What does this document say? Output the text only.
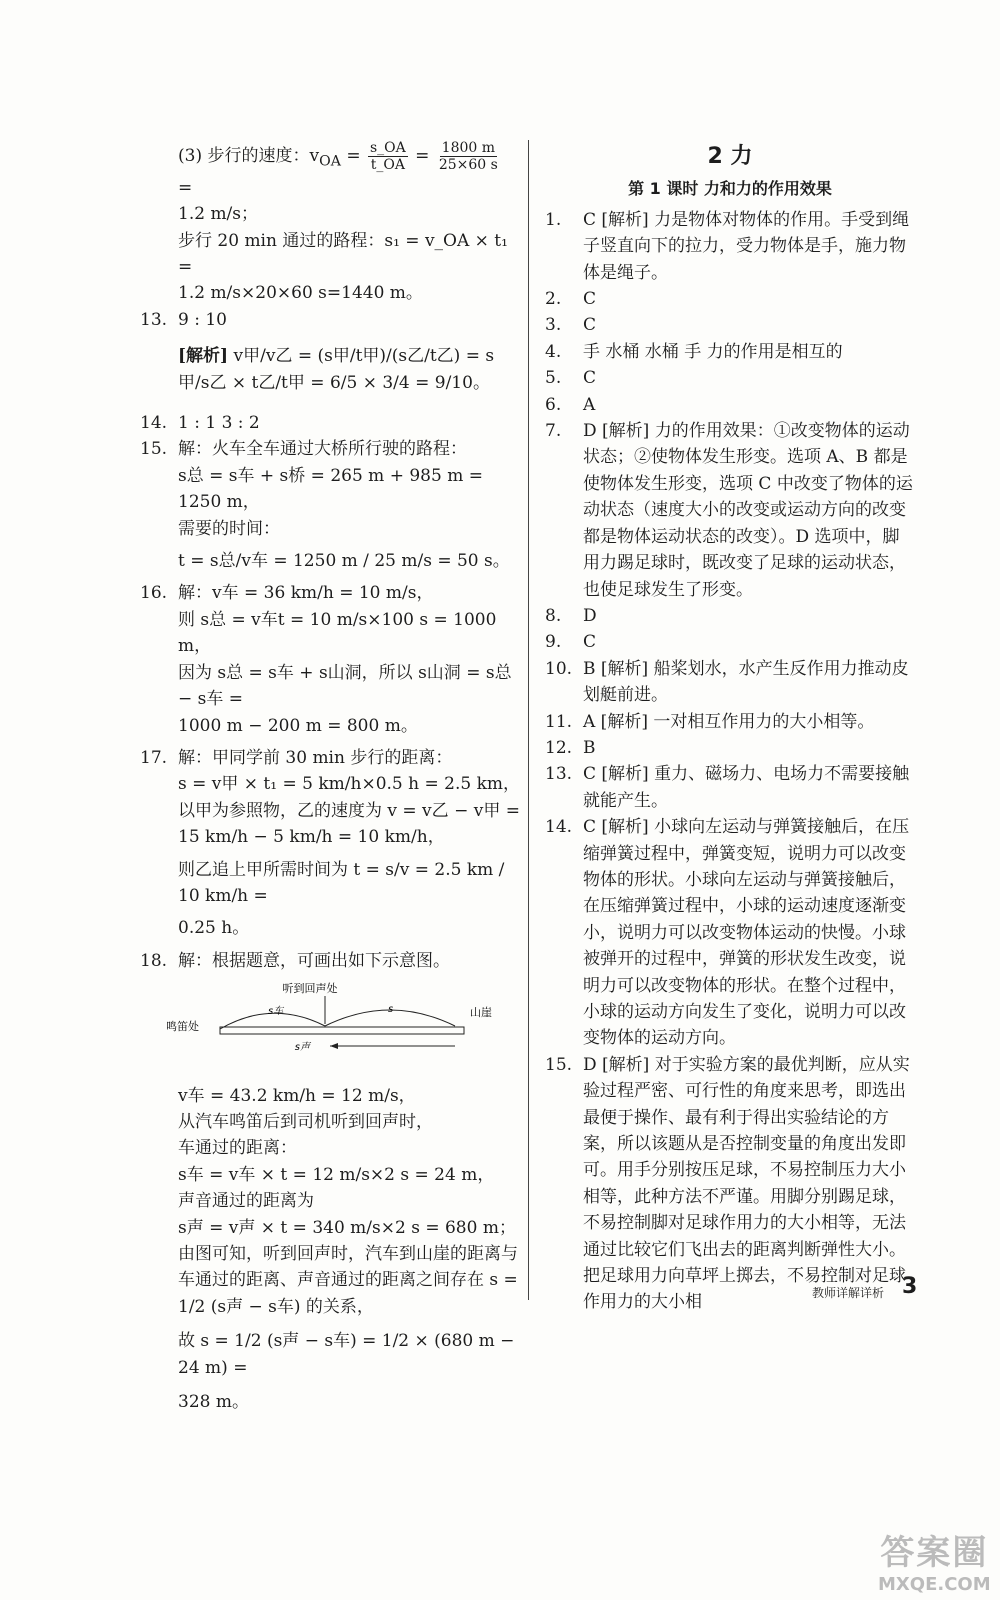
(3) 步行的速度：$v_{OA} = \frac{s\_OA}{t\_OA} = \frac{1800 m}{25\times 60 s}$
=
1.2 m/s；
步行 20 min 通过的路程：s₁ = v_OA × t₁ =
1.2 m/s×20×60 s=1440 m。
13. 9 : 10
[解析] v甲/v乙 = (s甲/t甲)/(s乙/t乙) = s甲/s乙 × t乙/t甲 = 6/5 × 3/4 = 9/10。
14. 1 : 1 3 : 2
15. 解：火车全车通过大桥所行驶的路程：
s总 = s车 + s桥 = 265 m + 985 m = 1250 m，
需要的时间：
t = s总/v车 = 1250 m / 25 m/s = 50 s。
16. 解：v车 = 36 km/h = 10 m/s，
则 s总 = v车t = 10 m/s×100 s = 1000 m，
因为 s总 = s车 + s山洞，所以 s山洞 = s总 − s车 =
1000 m − 200 m = 800 m。
17. 解：甲同学前 30 min 步行的距离：
s = v甲 × t₁ = 5 km/h×0.5 h = 2.5 km，
以甲为参照物，乙的速度为 v = v乙 − v甲 =
15 km/h − 5 km/h = 10 km/h，
则乙追上甲所需时间为 t = s/v = 2.5 km / 10 km/h =
0.25 h。
18. 解：根据题意，可画出如下示意图。
听到回声处
鸣笛处
山崖
s车	s
s声
v车 = 43.2 km/h = 12 m/s，
从汽车鸣笛后到司机听到回声时，
车通过的距离：
s车 = v车 × t = 12 m/s×2 s = 24 m，
声音通过的距离为
s声 = v声 × t = 340 m/s×2 s = 680 m；
由图可知，听到回声时，汽车到山崖的距离与
车通过的距离、声音通过的距离之间存在 s =
1/2 (s声 − s车) 的关系，
故 s = 1/2 (s声 − s车) = 1/2 × (680 m − 24 m) =
328 m。
2 力
第 1 课时 力和力的作用效果
1.	C [解析] 力是物体对物体的作用。手受到绳子竖直向下的拉力，受力物体是手，施力物体是绳子。
2.	C
3.	C
4.	手 水桶 水桶 手 力的作用是相互的
5.	C
6.	A
7.	D [解析] 力的作用效果：①改变物体的运动状态；②使物体发生形变。选项 A、B 都是使物体发生形变，选项 C 中改变了物体的运动状态（速度大小的改变或运动方向的改变都是物体运动状态的改变）。D 选项中，脚用力踢足球时，既改变了足球的运动状态，也使足球发生了形变。
8.	D
9.	C
10. B [解析] 船桨划水，水产生反作用力推动皮划艇前进。
11. A [解析] 一对相互作用力的大小相等。
12. B
13. C [解析] 重力、磁场力、电场力不需要接触就能产生。
14. C [解析] 小球向左运动与弹簧接触后，在压缩弹簧过程中，弹簧变短，说明力可以改变物体的形状。小球向左运动与弹簧接触后，在压缩弹簧过程中，小球的运动速度逐渐变小，说明力可以改变物体运动的快慢。小球被弹开的过程中，弹簧的形状发生改变，说明力可以改变物体的形状。在整个过程中，小球的运动方向发生了变化，说明力可以改变物体的运动方向。
15. D [解析] 对于实验方案的最优判断，应从实验过程严密、可行性的角度来思考，即选出最便于操作、最有利于得出实验结论的方案，所以该题从是否控制变量的角度出发即可。用手分别按压足球，不易控制压力大小相等，此种方法不严谨。用脚分别踢足球，不易控制脚对足球作用力的大小相等，无法通过比较它们飞出去的距离判断弹性大小。把足球用力向草坪上掷去，不易控制对足球作用力的大小相	教师详解详析 3
答案圈
MXQE.COM
